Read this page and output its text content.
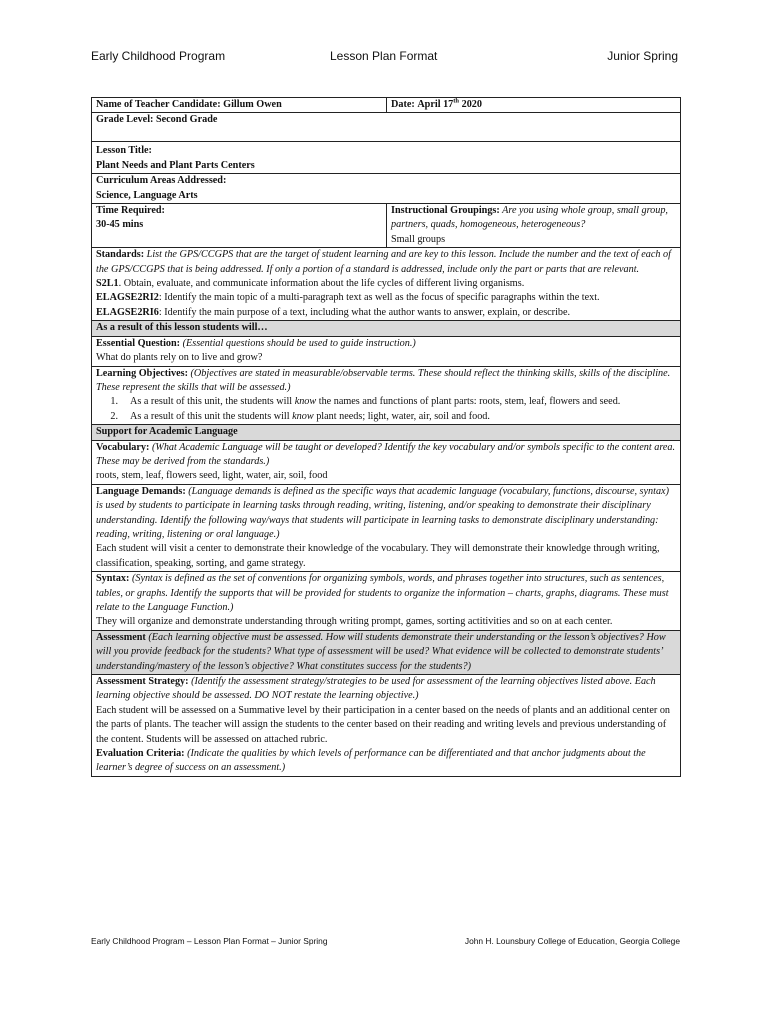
Early Childhood Program	Lesson Plan Format	Junior Spring
Name of Teacher Candidate: Gillum Owen	Date: April 17th 2020
Grade Level: Second Grade	
Lesson Title:
Plant Needs and Plant Parts Centers	
Curriculum Areas Addressed:
Science, Language Arts	
Time Required:
30-45 mins	Instructional Groupings: Are you using whole group, small group, partners, quads, homogeneous, heterogeneous?
Small groups

Standards: List the GPS/CCGPS that are the target of student learning and are key to this lesson. Include the number and the text of each of the GPS/CCGPS that is being addressed. If only a portion of a standard is addressed, include only the part or parts that are relevant.
S2L1. Obtain, evaluate, and communicate information about the life cycles of different living organisms.
ELAGSE2RI2: Identify the main topic of a multi-paragraph text as well as the focus of specific paragraphs within the text.
ELAGSE2RI6: Identify the main purpose of a text, including what the author wants to answer, explain, or describe.	

As a result of this lesson students will…	
Essential Question: (Essential questions should be used to guide instruction.)
What do plants rely on to live and grow?	

Learning Objectives: (Objectives are stated in measurable/observable terms. These should reflect the thinking skills, skills of the discipline. These represent the skills that will be assessed.)
1. As a result of this unit, the students will know the names and functions of plant parts: roots, stem, leaf, flowers and seed.
2. As a result of this unit the students will know plant needs; light, water, air, soil and food.	

Support for Academic Language	
Vocabulary: (What Academic Language will be taught or developed? Identify the key vocabulary and/or symbols specific to the content area. These may be derived from the standards.)
roots, stem, leaf, flowers seed, light, water, air, soil, food	
Language Demands: (Language demands is defined as the specific ways that academic language (vocabulary, functions, discourse, syntax) is used by students to participate in learning tasks through reading, writing, listening, and/or speaking to demonstrate their disciplinary understanding. Identify the following way/ways that students will participate in learning tasks to demonstrate disciplinary understanding: reading, writing, listening or oral language.)
Each student will visit a center to demonstrate their knowledge of the vocabulary. They will demonstrate their knowledge through writing, classification, speaking, sorting, and game strategy.	
Syntax: (Syntax is defined as the set of conventions for organizing symbols, words, and phrases together into structures, such as sentences, tables, or graphs. Identify the supports that will be provided for students to organize the information – charts, graphs, diagrams. These must relate to the Language Function.)
They will organize and demonstrate understanding through writing prompt, games, sorting actitivities and so on at each center.	
Assessment (Each learning objective must be assessed. How will students demonstrate their understanding or the lesson’s objectives? How will you provide feedback for the students? What type of assessment will be used? What evidence will be collected to demonstrate students’ understanding/mastery of the lesson’s objective? What constitutes success for the students?)	
Assessment Strategy: (Identify the assessment strategy/strategies to be used for assessment of the learning objectives listed above. Each learning objective should be assessed. DO NOT restate the learning objective.)
Each student will be assessed on a Summative level by their participation in a center based on the needs of plants and an additional center on the parts of plants. The teacher will assign the students to the center based on their reading and writing levels and previous understanding of the content. Students will be assessed on attached rubric.
Evaluation Criteria: (Indicate the qualities by which levels of performance can be differentiated and that anchor judgments about the learner’s degree of success on an assessment.)	
Early Childhood Program – Lesson Plan Format – Junior Spring	John H. Lounsbury College of Education, Georgia College
